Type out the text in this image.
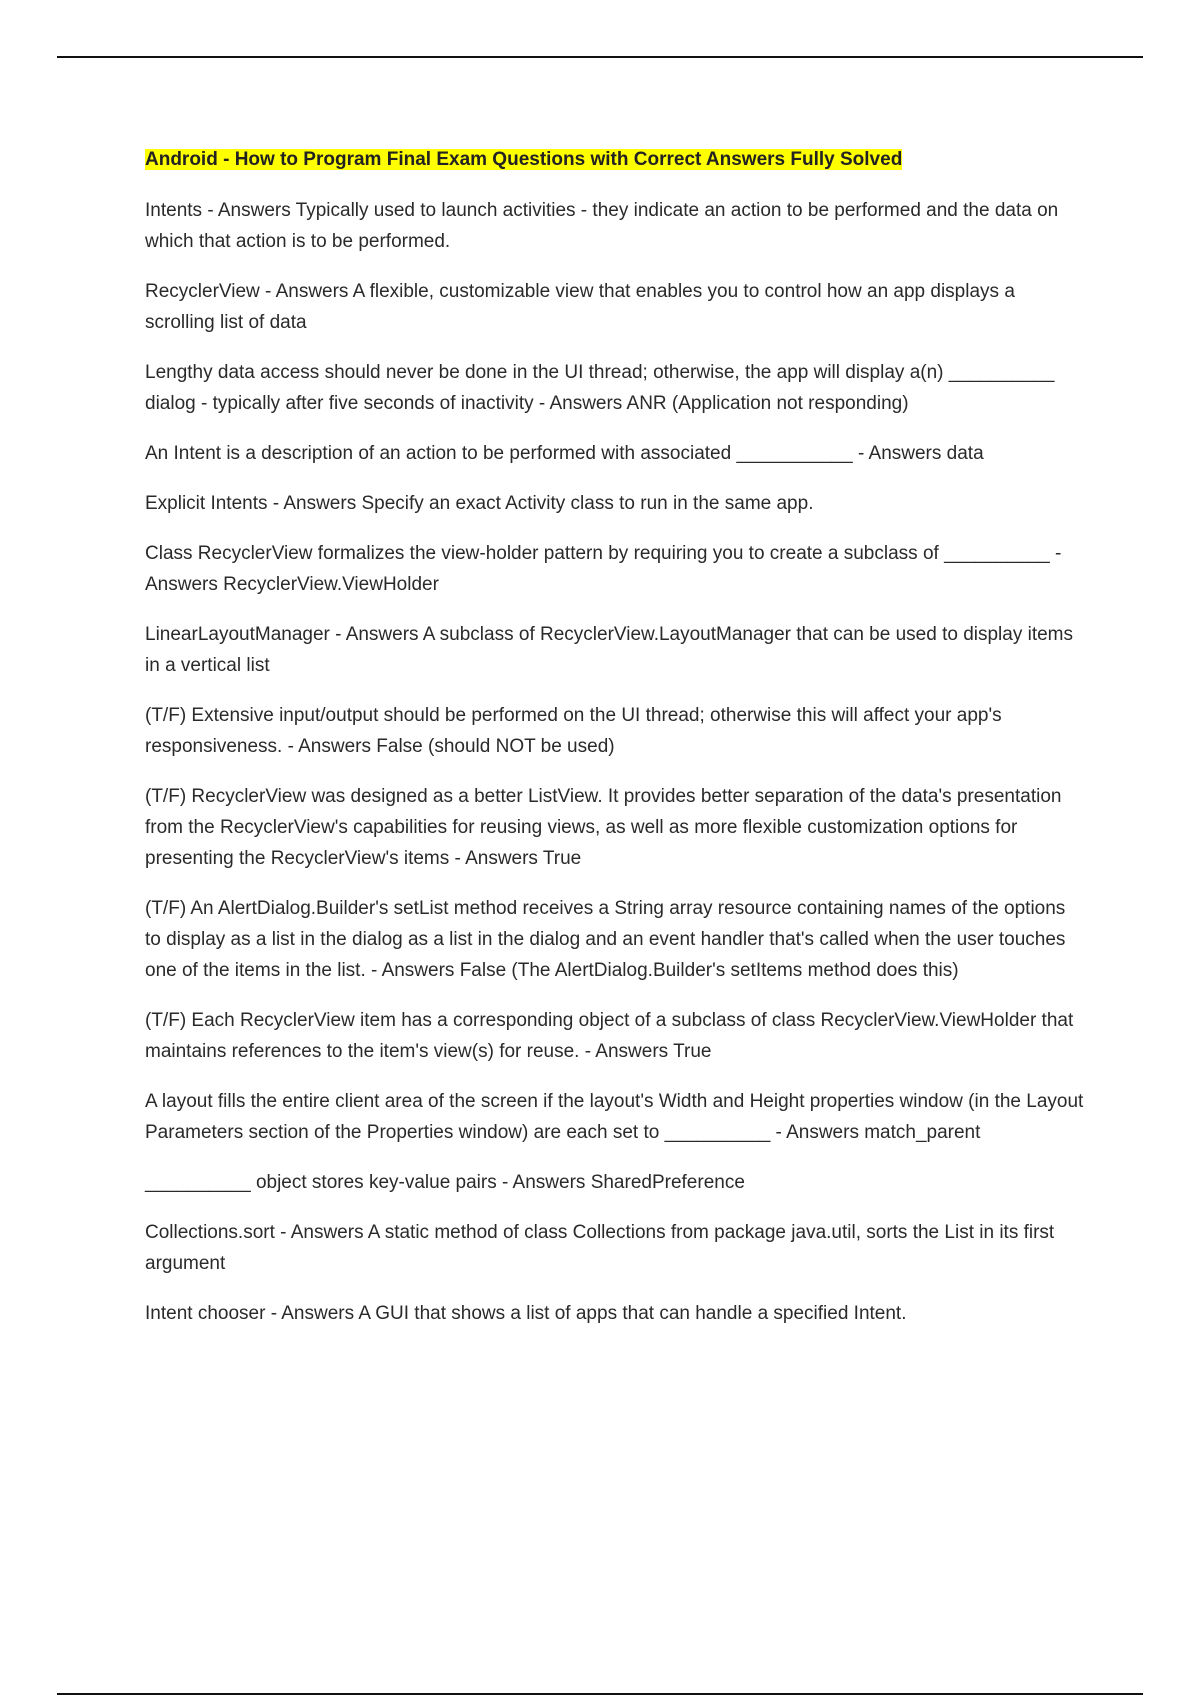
Android - How to Program Final Exam Questions with Correct Answers Fully Solved

Intents - Answers Typically used to launch activities - they indicate an action to be performed and the data on which that action is to be performed.

RecyclerView - Answers A flexible, customizable view that enables you to control how an app displays a scrolling list of data

Lengthy data access should never be done in the UI thread; otherwise, the app will display a(n) __________ dialog - typically after five seconds of inactivity - Answers ANR (Application not responding)

An Intent is a description of an action to be performed with associated ___________ - Answers data

Explicit Intents - Answers Specify an exact Activity class to run in the same app.

Class RecyclerView formalizes the view-holder pattern by requiring you to create a subclass of __________ - Answers RecyclerView.ViewHolder

LinearLayoutManager - Answers A subclass of RecyclerView.LayoutManager that can be used to display items in a vertical list

(T/F) Extensive input/output should be performed on the UI thread; otherwise this will affect your app's responsiveness. - Answers False (should NOT be used)

(T/F) RecyclerView was designed as a better ListView. It provides better separation of the data's presentation from the RecyclerView's capabilities for reusing views, as well as more flexible customization options for presenting the RecyclerView's items - Answers True

(T/F) An AlertDialog.Builder's setList method receives a String array resource containing names of the options to display as a list in the dialog as a list in the dialog and an event handler that's called when the user touches one of the items in the list. - Answers False (The AlertDialog.Builder's setItems method does this)

(T/F) Each RecyclerView item has a corresponding object of a subclass of class RecyclerView.ViewHolder that maintains references to the item's view(s) for reuse. - Answers True

A layout fills the entire client area of the screen if the layout's Width and Height properties window (in the Layout Parameters section of the Properties window) are each set to __________ - Answers match_parent

__________ object stores key-value pairs - Answers SharedPreference

Collections.sort - Answers A static method of class Collections from package java.util, sorts the List in its first argument

Intent chooser - Answers A GUI that shows a list of apps that can handle a specified Intent.
